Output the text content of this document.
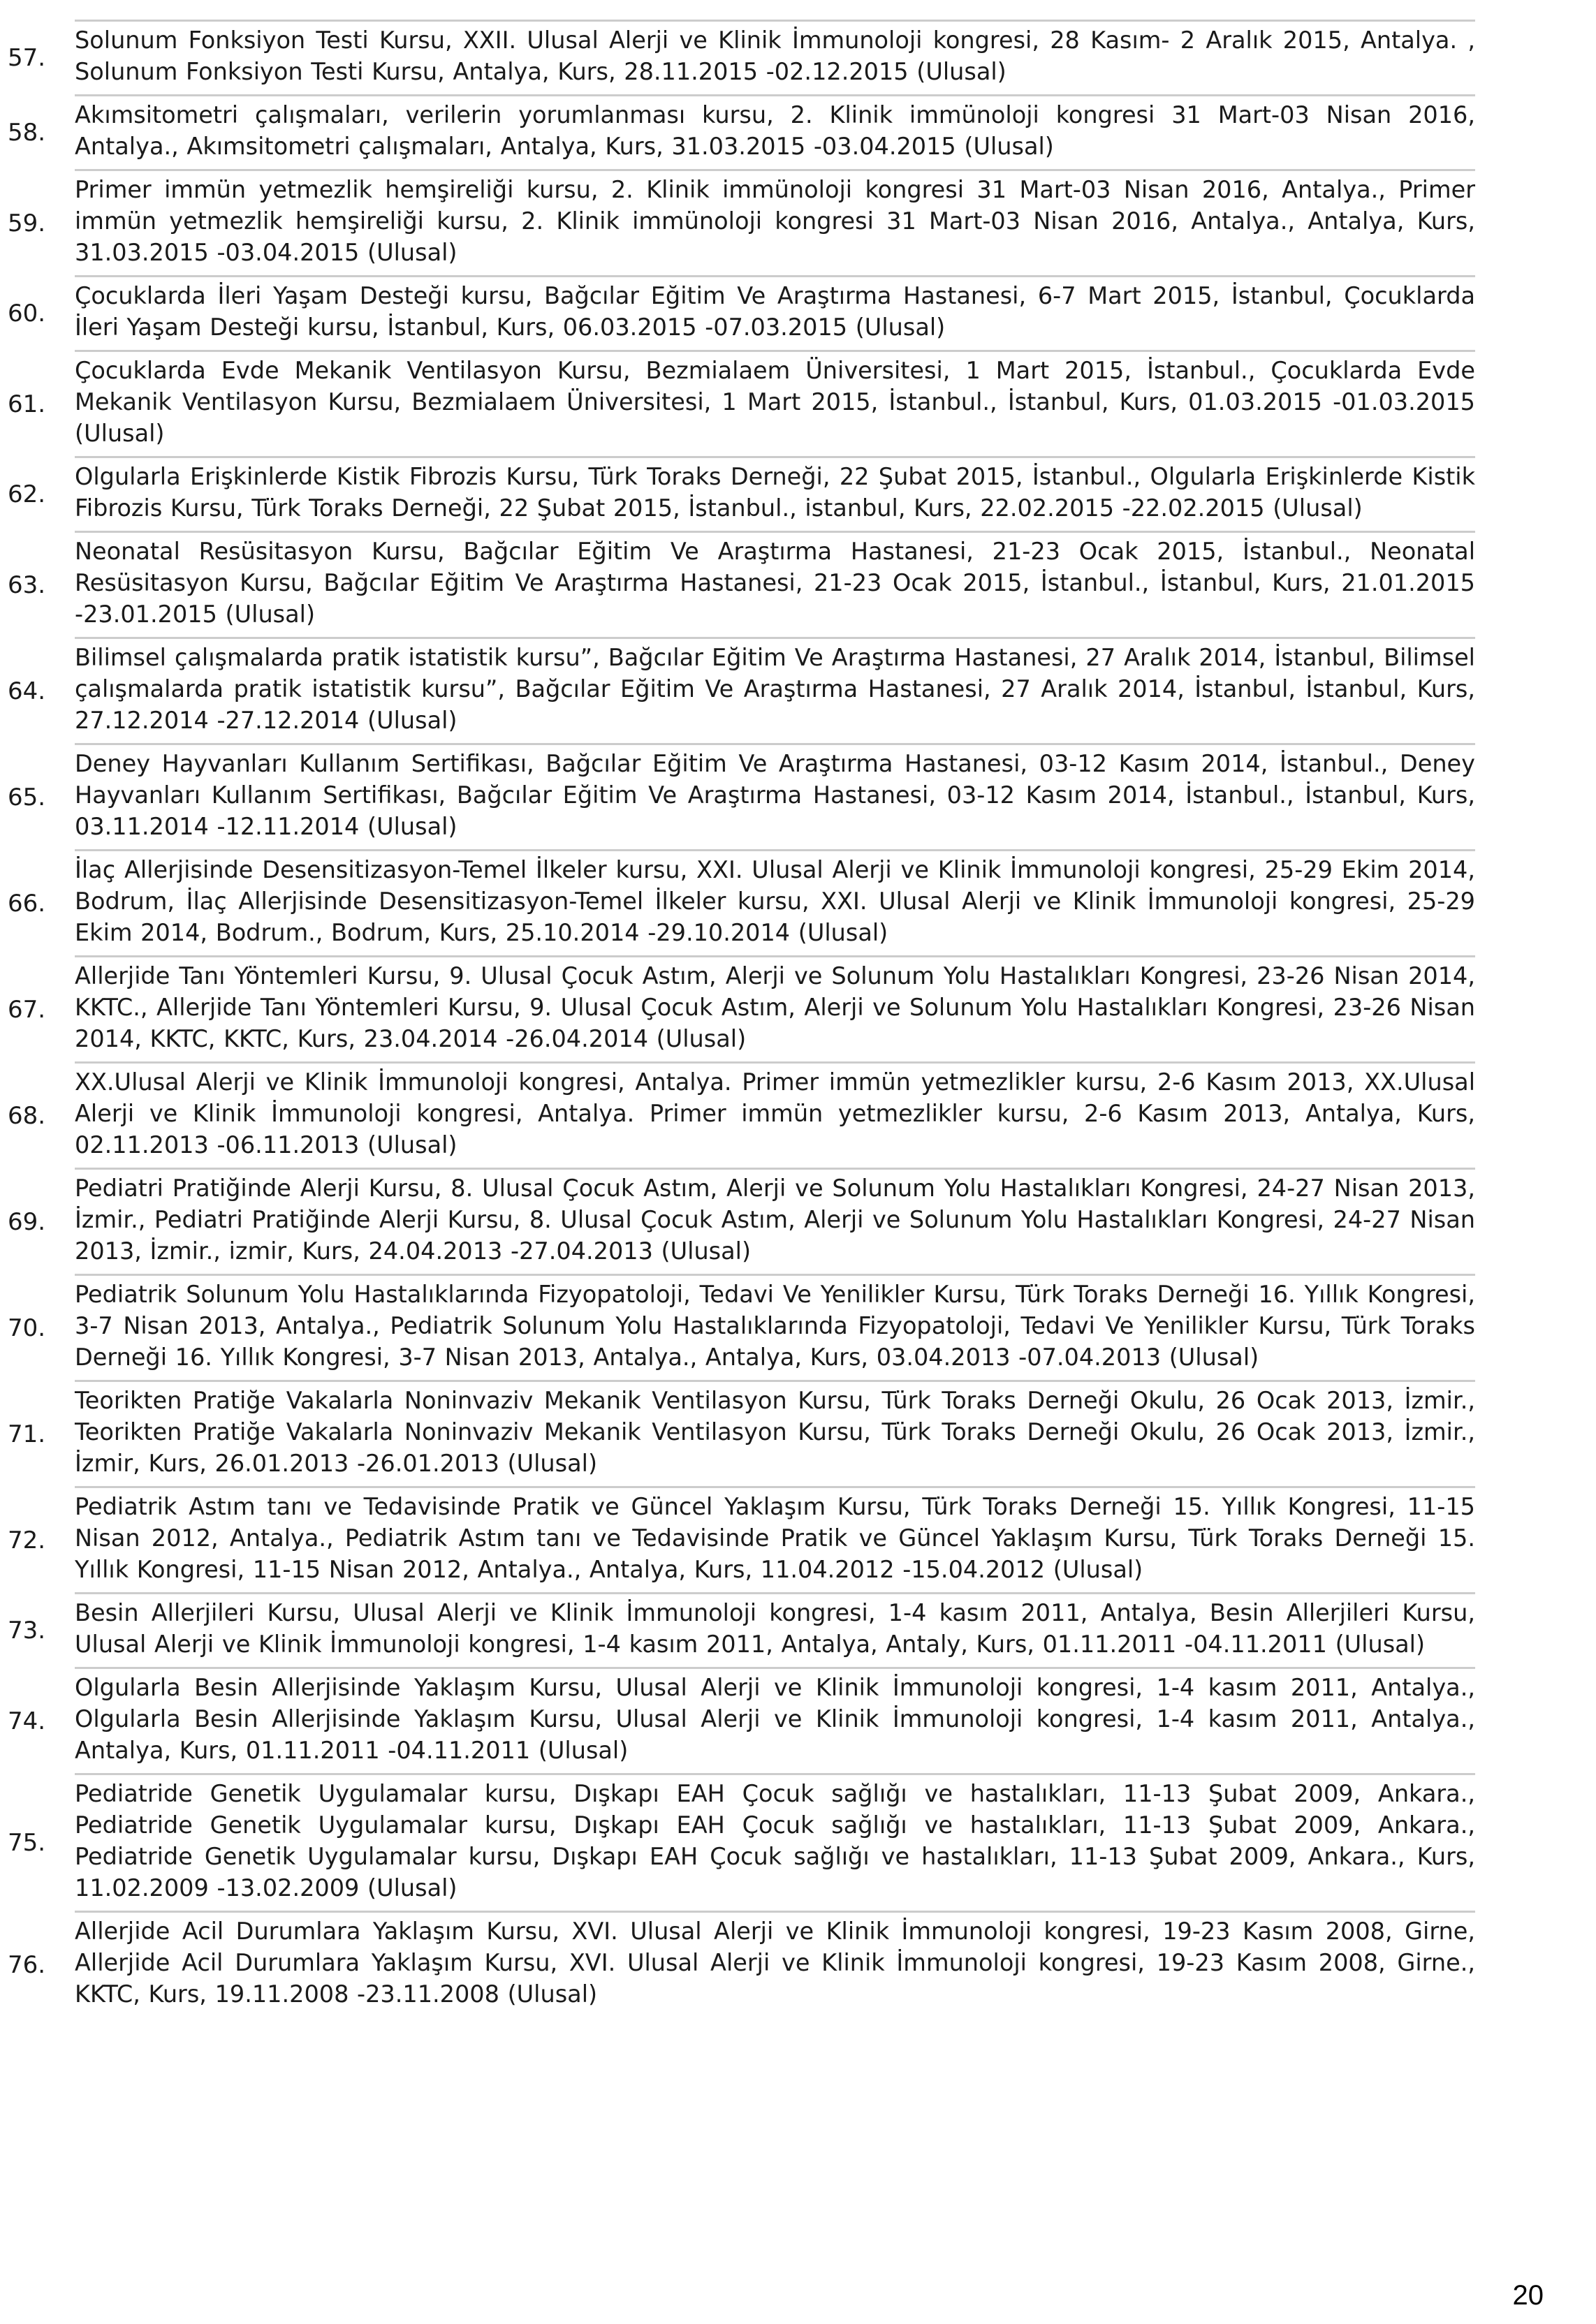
57.
Solunum Fonksiyon Testi Kursu, XXII. Ulusal Alerji ve Klinik İmmunoloji kongresi, 28 Kasım- 2 Aralık 2015, Antalya. , Solunum Fonksiyon Testi Kursu, Antalya, Kurs, 28.11.2015 -02.12.2015 (Ulusal)
58.
Akımsitometri çalışmaları, verilerin yorumlanması kursu, 2. Klinik immünoloji kongresi 31 Mart-03 Nisan 2016, Antalya., Akımsitometri çalışmaları, Antalya, Kurs, 31.03.2015 -03.04.2015 (Ulusal)
59.
Primer immün yetmezlik hemşireliği kursu, 2. Klinik immünoloji kongresi 31 Mart-03 Nisan 2016, Antalya., Primer immün yetmezlik hemşireliği kursu, 2. Klinik immünoloji kongresi 31 Mart-03 Nisan 2016, Antalya., Antalya, Kurs, 31.03.2015 -03.04.2015 (Ulusal)
60.
Çocuklarda İleri Yaşam Desteği kursu, Bağcılar Eğitim Ve Araştırma Hastanesi, 6-7 Mart 2015, İstanbul, Çocuklarda İleri Yaşam Desteği kursu, İstanbul, Kurs, 06.03.2015 -07.03.2015 (Ulusal)
61.
Çocuklarda Evde Mekanik Ventilasyon Kursu, Bezmialaem Üniversitesi, 1 Mart 2015, İstanbul., Çocuklarda Evde Mekanik Ventilasyon Kursu, Bezmialaem Üniversitesi, 1 Mart 2015, İstanbul., İstanbul, Kurs, 01.03.2015 -01.03.2015 (Ulusal)
62.
Olgularla Erişkinlerde Kistik Fibrozis Kursu, Türk Toraks Derneği, 22 Şubat 2015, İstanbul., Olgularla Erişkinlerde Kistik Fibrozis Kursu, Türk Toraks Derneği, 22 Şubat 2015, İstanbul., istanbul, Kurs, 22.02.2015 -22.02.2015 (Ulusal)
63.
Neonatal Resüsitasyon Kursu, Bağcılar Eğitim Ve Araştırma Hastanesi, 21-23 Ocak 2015, İstanbul., Neonatal Resüsitasyon Kursu, Bağcılar Eğitim Ve Araştırma Hastanesi, 21-23 Ocak 2015, İstanbul., İstanbul, Kurs, 21.01.2015 -23.01.2015 (Ulusal)
64.
Bilimsel çalışmalarda pratik istatistik kursu”, Bağcılar Eğitim Ve Araştırma Hastanesi, 27 Aralık 2014, İstanbul, Bilimsel çalışmalarda pratik istatistik kursu”, Bağcılar Eğitim Ve Araştırma Hastanesi, 27 Aralık 2014, İstanbul, İstanbul, Kurs, 27.12.2014 -27.12.2014 (Ulusal)
65.
Deney Hayvanları Kullanım Sertifikası, Bağcılar Eğitim Ve Araştırma Hastanesi, 03-12 Kasım 2014, İstanbul., Deney Hayvanları Kullanım Sertifikası, Bağcılar Eğitim Ve Araştırma Hastanesi, 03-12 Kasım 2014, İstanbul., İstanbul, Kurs, 03.11.2014 -12.11.2014 (Ulusal)
66.
İlaç Allerjisinde Desensitizasyon-Temel İlkeler kursu, XXI. Ulusal Alerji ve Klinik İmmunoloji kongresi, 25-29 Ekim 2014, Bodrum, İlaç Allerjisinde Desensitizasyon-Temel İlkeler kursu, XXI. Ulusal Alerji ve Klinik İmmunoloji kongresi, 25-29 Ekim 2014, Bodrum., Bodrum, Kurs, 25.10.2014 -29.10.2014 (Ulusal)
67.
Allerjide Tanı Yöntemleri Kursu, 9. Ulusal Çocuk Astım, Alerji ve Solunum Yolu Hastalıkları Kongresi, 23-26 Nisan 2014, KKTC., Allerjide Tanı Yöntemleri Kursu, 9. Ulusal Çocuk Astım, Alerji ve Solunum Yolu Hastalıkları Kongresi, 23-26 Nisan 2014, KKTC, KKTC, Kurs, 23.04.2014 -26.04.2014 (Ulusal)
68.
XX.Ulusal Alerji ve Klinik İmmunoloji kongresi, Antalya. Primer immün yetmezlikler kursu, 2-6 Kasım 2013, XX.Ulusal Alerji ve Klinik İmmunoloji kongresi, Antalya. Primer immün yetmezlikler kursu, 2-6 Kasım 2013, Antalya, Kurs, 02.11.2013 -06.11.2013 (Ulusal)
69.
Pediatri Pratiğinde Alerji Kursu, 8. Ulusal Çocuk Astım, Alerji ve Solunum Yolu Hastalıkları Kongresi, 24-27 Nisan 2013, İzmir., Pediatri Pratiğinde Alerji Kursu, 8. Ulusal Çocuk Astım, Alerji ve Solunum Yolu Hastalıkları Kongresi, 24-27 Nisan 2013, İzmir., izmir, Kurs, 24.04.2013 -27.04.2013 (Ulusal)
70.
Pediatrik Solunum Yolu Hastalıklarında Fizyopatoloji, Tedavi Ve Yenilikler Kursu, Türk Toraks Derneği 16. Yıllık Kongresi, 3-7 Nisan 2013, Antalya., Pediatrik Solunum Yolu Hastalıklarında Fizyopatoloji, Tedavi Ve Yenilikler Kursu, Türk Toraks Derneği 16. Yıllık Kongresi, 3-7 Nisan 2013, Antalya., Antalya, Kurs, 03.04.2013 -07.04.2013 (Ulusal)
71.
Teorikten Pratiğe Vakalarla Noninvaziv Mekanik Ventilasyon Kursu, Türk Toraks Derneği Okulu, 26 Ocak 2013, İzmir., Teorikten Pratiğe Vakalarla Noninvaziv Mekanik Ventilasyon Kursu, Türk Toraks Derneği Okulu, 26 Ocak 2013, İzmir., İzmir, Kurs, 26.01.2013 -26.01.2013 (Ulusal)
72.
Pediatrik Astım tanı ve Tedavisinde Pratik ve Güncel Yaklaşım Kursu, Türk Toraks Derneği 15. Yıllık Kongresi, 11-15 Nisan 2012, Antalya., Pediatrik Astım tanı ve Tedavisinde Pratik ve Güncel Yaklaşım Kursu, Türk Toraks Derneği 15. Yıllık Kongresi, 11-15 Nisan 2012, Antalya., Antalya, Kurs, 11.04.2012 -15.04.2012 (Ulusal)
73.
Besin Allerjileri Kursu, Ulusal Alerji ve Klinik İmmunoloji kongresi, 1-4 kasım 2011, Antalya, Besin Allerjileri Kursu, Ulusal Alerji ve Klinik İmmunoloji kongresi, 1-4 kasım 2011, Antalya, Antaly, Kurs, 01.11.2011 -04.11.2011 (Ulusal)
74.
Olgularla Besin Allerjisinde Yaklaşım Kursu, Ulusal Alerji ve Klinik İmmunoloji kongresi, 1-4 kasım 2011, Antalya., Olgularla Besin Allerjisinde Yaklaşım Kursu, Ulusal Alerji ve Klinik İmmunoloji kongresi, 1-4 kasım 2011, Antalya., Antalya, Kurs, 01.11.2011 -04.11.2011 (Ulusal)
75.
Pediatride Genetik Uygulamalar kursu, Dışkapı EAH Çocuk sağlığı ve hastalıkları, 11-13 Şubat 2009, Ankara., Pediatride Genetik Uygulamalar kursu, Dışkapı EAH Çocuk sağlığı ve hastalıkları, 11-13 Şubat 2009, Ankara., Pediatride Genetik Uygulamalar kursu, Dışkapı EAH Çocuk sağlığı ve hastalıkları, 11-13 Şubat 2009, Ankara., Kurs, 11.02.2009 -13.02.2009 (Ulusal)
76.
Allerjide Acil Durumlara Yaklaşım Kursu, XVI. Ulusal Alerji ve Klinik İmmunoloji kongresi, 19-23 Kasım 2008, Girne, Allerjide Acil Durumlara Yaklaşım Kursu, XVI. Ulusal Alerji ve Klinik İmmunoloji kongresi, 19-23 Kasım 2008, Girne., KKTC, Kurs, 19.11.2008 -23.11.2008 (Ulusal)
20
